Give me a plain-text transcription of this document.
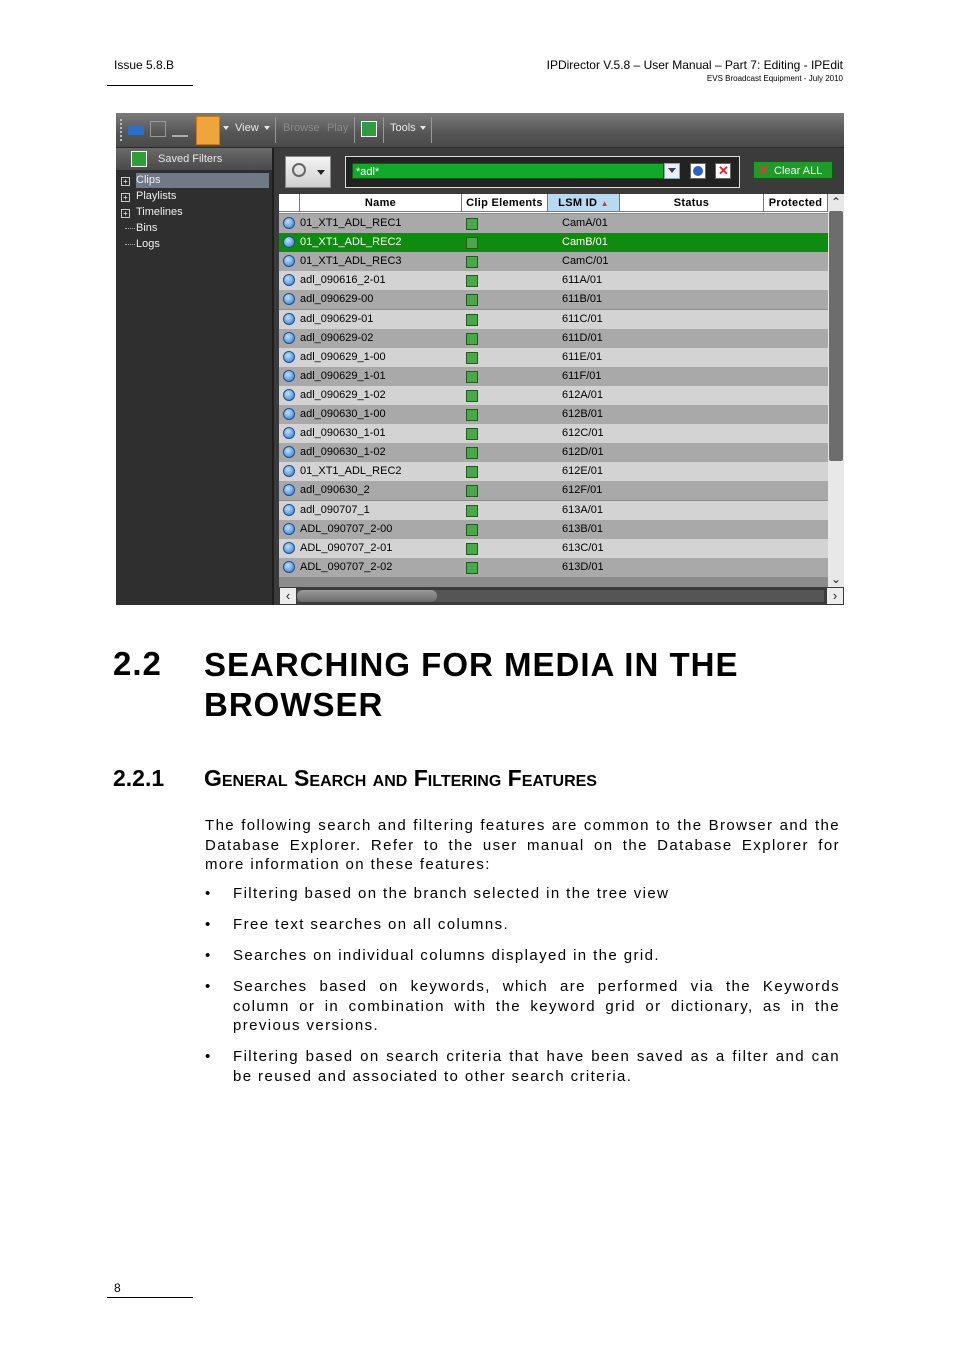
Issue 5.8.B	IPDirector V.5.8 – User Manual – Part 7: Editing - IPEdit
EVS Broadcast Equipment - July 2010
View Browse Play	Tools
Saved Filters
Clips
+
Playlists
+
Timelines
+
Bins
Logs
*adl*	✕ ✕ Clear ALL
Name	Clip Elements	LSM ID ▲	Status	Protected
01_XT1_ADL_REC1	CamA/01
01_XT1_ADL_REC2	CamB/01
01_XT1_ADL_REC3	CamC/01
adl_090616_2-01	611A/01
adl_090629-00	611B/01
adl_090629-01	611C/01
adl_090629-02	611D/01
adl_090629_1-00	611E/01
adl_090629_1-01	611F/01
adl_090629_1-02	612A/01
adl_090630_1-00	612B/01
adl_090630_1-01	612C/01
adl_090630_1-02	612D/01
01_XT1_ADL_REC2	612E/01
adl_090630_2	612F/01
adl_090707_1	613A/01
ADL_090707_2-00	613B/01
ADL_090707_2-01	613C/01
ADL_090707_2-02	613D/01
⌃
⌄
‹	›
2.2 SEARCHING FOR MEDIA IN THE BROWSER
2.2.1 General Search and Filtering Features
The following search and filtering features are common to the Browser and the Database Explorer. Refer to the user manual on the Database Explorer for more information on these features:
• Filtering based on the branch selected in the tree view
• Free text searches on all columns.
• Searches on individual columns displayed in the grid.
• Searches based on keywords, which are performed via the Keywords column or in combination with the keyword grid or dictionary, as in the previous versions.
• Filtering based on search criteria that have been saved as a filter and can be reused and associated to other search criteria.
8
